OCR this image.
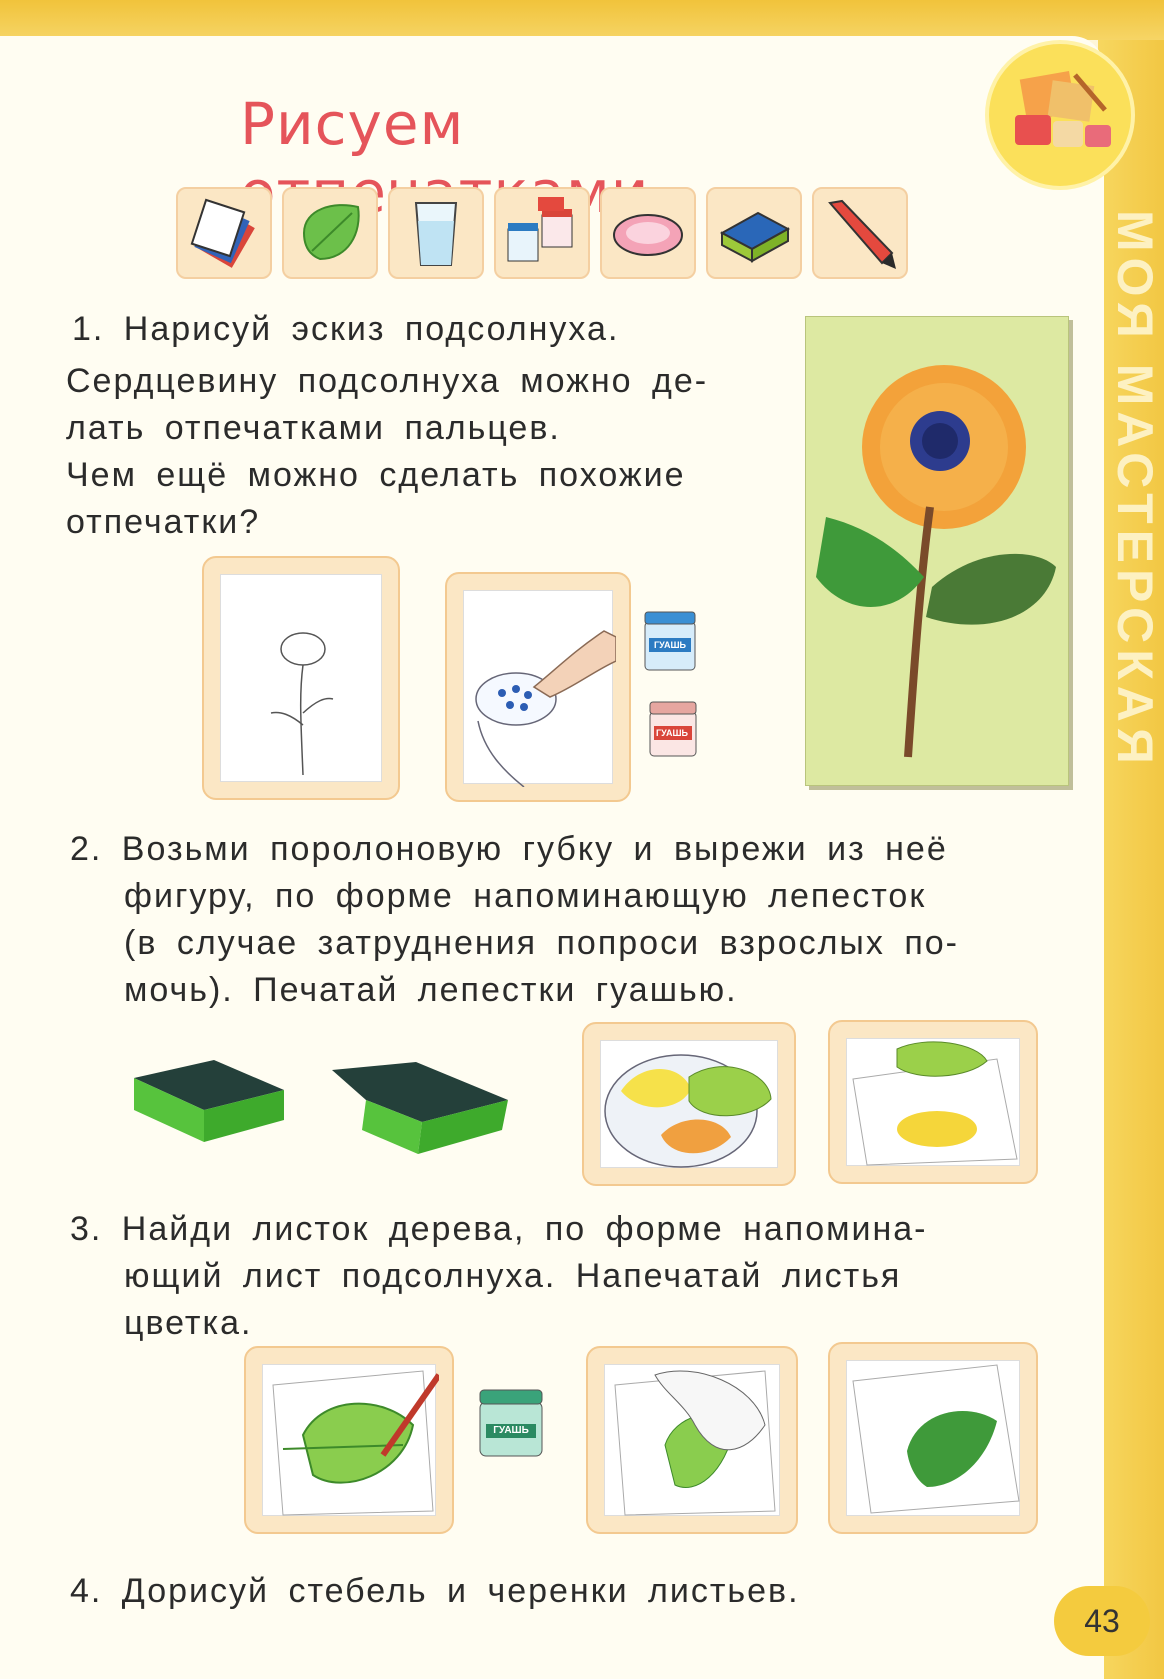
МОЯ МАСТЕРСКАЯ
Рисуем
1. Нарисуй эскиз подсолнуха.
Сердцевину подсолнуха можно де-
лать отпечатками пальцев.
Чем ещё можно сделать похожие
отпечатки?
ГУАШЬ
ГУАШЬ
2. Возьми поролоновую губку и вырежи из неё
фигуру, по форме напоминающую лепесток
(в случае затруднения попроси взрослых по-
мочь). Печатай лепестки гуашью.
3. Найди листок дерева, по форме напомина-
ющий лист подсолнуха. Напечатай листья
цветка.
ГУАШЬ
4. Дорисуй стебель и черенки листьев.
43
